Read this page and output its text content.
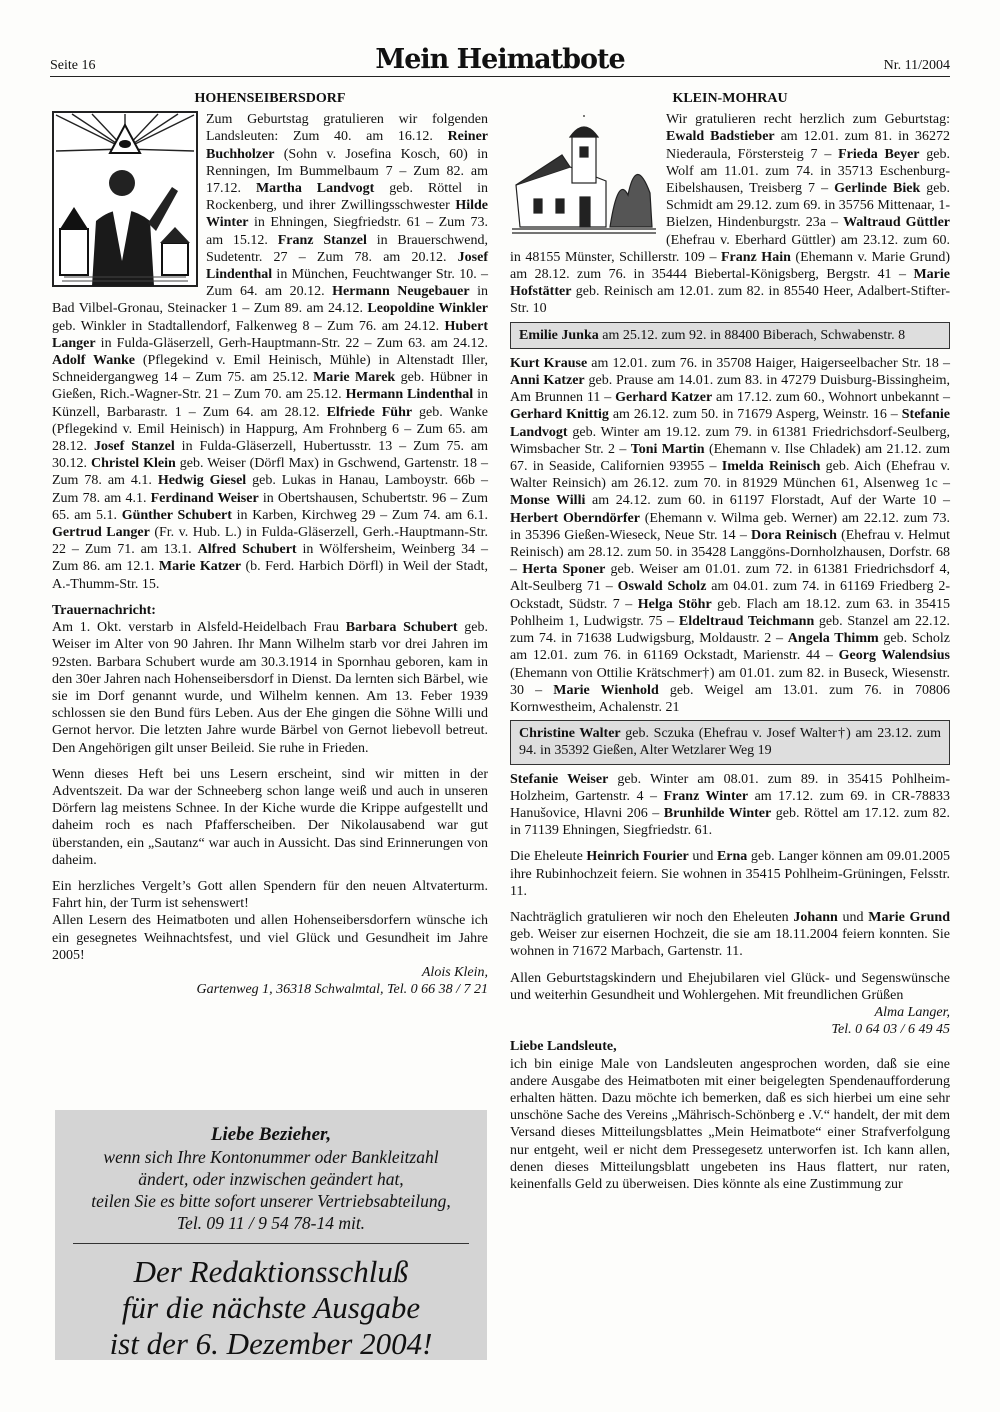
Seite 16	Mein Heimatbote	Nr. 11/2004
HOHENSEIBERSDORF

Zum Geburtstag gratulieren wir folgenden Landsleuten: Zum 40. am 16.12. Reiner Buchholzer (Sohn v. Josefina Kosch, 60) in Renningen, Im Bummelbaum 7 – Zum 82. am 17.12. Martha Landvogt geb. Röttel in Rockenberg, und ihrer Zwillingsschwester Hilde Winter in Ehningen, Siegfriedstr. 61 – Zum 73. am 15.12. Franz Stanzel in Brauerschwend, Sudetentr. 27 – Zum 78. am 20.12. Josef Lindenthal in München, Feuchtwanger Str. 10. – Zum 64. am 20.12. Hermann Neugebauer in Bad Vilbel-Gronau, Steinacker 1 – Zum 89. am 24.12. Leopoldine Winkler geb. Winkler in Stadtallendorf, Falkenweg 8 – Zum 76. am 24.12. Hubert Langer in Fulda-Gläserzell, Gerh-Hauptmann-Str. 22 – Zum 63. am 24.12. Adolf Wanke (Pflegekind v. Emil Heinisch, Mühle) in Altenstadt Iller, Schneidergangweg 14 – Zum 75. am 25.12. Marie Marek geb. Hübner in Gießen, Rich.-Wagner-Str. 21 – Zum 70. am 25.12. Hermann Lindenthal in Künzell, Barbarastr. 1 – Zum 64. am 28.12. Elfriede Führ geb. Wanke (Pflegekind v. Emil Heinisch) in Happurg, Am Frohnberg 6 – Zum 65. am 28.12. Josef Stanzel in Fulda-Gläserzell, Hubertusstr. 13 – Zum 75. am 30.12. Christel Klein geb. Weiser (Dörfl Max) in Gschwend, Gartenstr. 18 – Zum 78. am 4.1. Hedwig Giesel geb. Lukas in Hanau, Lamboystr. 66b – Zum 78. am 4.1. Ferdinand Weiser in Obertshausen, Schubertstr. 96 – Zum 65. am 5.1. Günther Schubert in Karben, Kirchweg 29 – Zum 74. am 6.1. Gertrud Langer (Fr. v. Hub. L.) in Fulda-Gläserzell, Gerh.-Hauptmann-Str. 22 – Zum 71. am 13.1. Alfred Schubert in Wölfersheim, Weinberg 34 – Zum 86. am 12.1. Marie Katzer (b. Ferd. Harbich Dörfl) in Weil der Stadt, A.-Thumm-Str. 15.

Trauernachricht:

Am 1. Okt. verstarb in Alsfeld-Heidelbach Frau Barbara Schubert geb. Weiser im Alter von 90 Jahren. Ihr Mann Wilhelm starb vor drei Jahren im 92sten. Barbara Schubert wurde am 30.3.1914 in Spornhau geboren, kam in den 30er Jahren nach Hohenseibersdorf in Dienst. Da lernten sich Bärbel, wie sie im Dorf genannt wurde, und Wilhelm kennen. Am 13. Feber 1939 schlossen sie den Bund fürs Leben. Aus der Ehe gingen die Söhne Willi und Gernot hervor. Die letzten Jahre wurde Bärbel von Gernot liebevoll betreut. Den Angehörigen gilt unser Beileid. Sie ruhe in Frieden.

Wenn dieses Heft bei uns Lesern erscheint, sind wir mitten in der Adventszeit. Da war der Schneeberg schon lange weiß und auch in unseren Dörfern lag meistens Schnee. In der Kiche wurde die Krippe aufgestellt und daheim roch es nach Pfafferscheiben. Der Nikolausabend war gut überstanden, ein „Sautanz“ war auch in Aussicht. Das sind Erinnerungen von daheim.

Ein herzliches Vergelt’s Gott allen Spendern für den neuen Altvaterturm. Fahrt hin, der Turm ist sehenswert!

Allen Lesern des Heimatboten und allen Hohenseibersdorfern wünsche ich ein gesegnetes Weihnachtsfest, und viel Glück und Gesundheit im Jahre 2005!

Alois Klein,
Gartenweg 1, 36318 Schwalmtal, Tel. 0 66 38 / 7 21
Liebe Bezieher,
wenn sich Ihre Kontonummer oder Bankleitzahl
ändert, oder inzwischen geändert hat,
teilen Sie es bitte sofort unserer Vertriebsabteilung,
Tel. 09 11 / 9 54 78-14 mit.
Der Redaktionsschluß
für die nächste Ausgabe
ist der 6. Dezember 2004!
KLEIN-MOHRAU

Wir gratulieren recht herzlich zum Geburtstag: Ewald Badstieber am 12.01. zum 81. in 36272 Niederaula, Förstersteig 7 – Frieda Beyer geb. Wolf am 11.01. zum 74. in 35713 Eschenburg-Eibelshausen, Treisberg 7 – Gerlinde Biek geb. Schmidt am 29.12. zum 69. in 35756 Mittenaar, 1-Bielzen, Hindenburgstr. 23a – Waltraud Güttler (Ehefrau v. Eberhard Güttler) am 23.12. zum 60. in 48155 Münster, Schillerstr. 109 – Franz Hain (Ehemann v. Marie Grund) am 28.12. zum 76. in 35444 Biebertal-Königsberg, Bergstr. 41 – Marie Hofstätter geb. Reinisch am 12.01. zum 82. in 85540 Heer, Adalbert-Stifter-Str. 10

Emilie Junka am 25.12. zum 92. in 88400 Biberach, Schwabenstr. 8

Kurt Krause am 12.01. zum 76. in 35708 Haiger, Haigerseelbacher Str. 18 – Anni Katzer geb. Prause am 14.01. zum 83. in 47279 Duisburg-Bissingheim, Am Brunnen 11 – Gerhard Katzer am 17.12. zum 60., Wohnort unbekannt – Gerhard Knittig am 26.12. zum 50. in 71679 Asperg, Weinstr. 16 – Stefanie Landvogt geb. Winter am 19.12. zum 79. in 61381 Friedrichsdorf-Seulberg, Wimsbacher Str. 2 – Toni Martin (Ehemann v. Ilse Chladek) am 21.12. zum 67. in Seaside, Californien 93955 – Imelda Reinisch geb. Aich (Ehefrau v. Walter Reinsich) am 26.12. zum 70. in 81929 München 61, Alsenweg 1c – Monse Willi am 24.12. zum 60. in 61197 Florstadt, Auf der Warte 10 – Herbert Oberndörfer (Ehemann v. Wilma geb. Werner) am 22.12. zum 73. in 35396 Gießen-Wieseck, Neue Str. 14 – Dora Reinisch (Ehefrau v. Helmut Reinisch) am 28.12. zum 50. in 35428 Langgöns-Dornholzhausen, Dorfstr. 68 – Herta Sponer geb. Weiser am 01.01. zum 72. in 61381 Friedrichsdorf 4, Alt-Seulberg 71 – Oswald Scholz am 04.01. zum 74. in 61169 Friedberg 2-Ockstadt, Südstr. 7 – Helga Stöhr geb. Flach am 18.12. zum 63. in 35415 Pohlheim 1, Ludwigstr. 75 – Eldeltraud Teichmann geb. Stanzel am 22.12. zum 74. in 71638 Ludwigsburg, Moldaustr. 2 – Angela Thimm geb. Scholz am 12.01. zum 76. in 61169 Ockstadt, Marienstr. 44 – Georg Walendsius (Ehemann von Ottilie Krätschmer†) am 01.01. zum 82. in Buseck, Wiesenstr. 30 – Marie Wienhold geb. Weigel am 13.01. zum 76. in 70806 Kornwestheim, Achalenstr. 21

Christine Walter geb. Sczuka (Ehefrau v. Josef Walter†) am 23.12. zum 94. in 35392 Gießen, Alter Wetzlarer Weg 19

Stefanie Weiser geb. Winter am 08.01. zum 89. in 35415 Pohlheim-Holzheim, Gartenstr. 4 – Franz Winter am 17.12. zum 69. in CR-78833 Hanušovice, Hlavni 206 – Brunhilde Winter geb. Röttel am 17.12. zum 82. in 71139 Ehningen, Siegfriedstr. 61.

Die Eheleute Heinrich Fourier und Erna geb. Langer können am 09.01.2005 ihre Rubinhochzeit feiern. Sie wohnen in 35415 Pohlheim-Grüningen, Felsstr. 11.

Nachträglich gratulieren wir noch den Eheleuten Johann und Marie Grund geb. Weiser zur eisernen Hochzeit, die sie am 18.11.2004 feiern konnten. Sie wohnen in 71672 Marbach, Gartenstr. 11.

Allen Geburtstagskindern und Ehejubilaren viel Glück- und Segenswünsche und weiterhin Gesundheit und Wohlergehen. Mit freundlichen Grüßen

Alma Langer,
Tel. 0 64 03 / 6 49 45
Liebe Landsleute,

ich bin einige Male von Landsleuten angesprochen worden, daß sie eine andere Ausgabe des Heimatboten mit einer beigelegten Spendenaufforderung erhalten hätten. Dazu möchte ich bemerken, daß es sich hierbei um eine sehr unschöne Sache des Vereins „Mährisch-Schönberg e .V.“ handelt, der mit dem Versand dieses Mitteilungsblattes „Mein Heimatbote“ einer Strafverfolgung nur entgeht, weil er nicht dem Pressegesetz unterworfen ist. Ich kann allen, denen dieses Mitteilungsblatt ungebeten ins Haus flattert, nur raten, keinenfalls Geld zu überweisen. Dies könnte als eine Zustimmung zur
